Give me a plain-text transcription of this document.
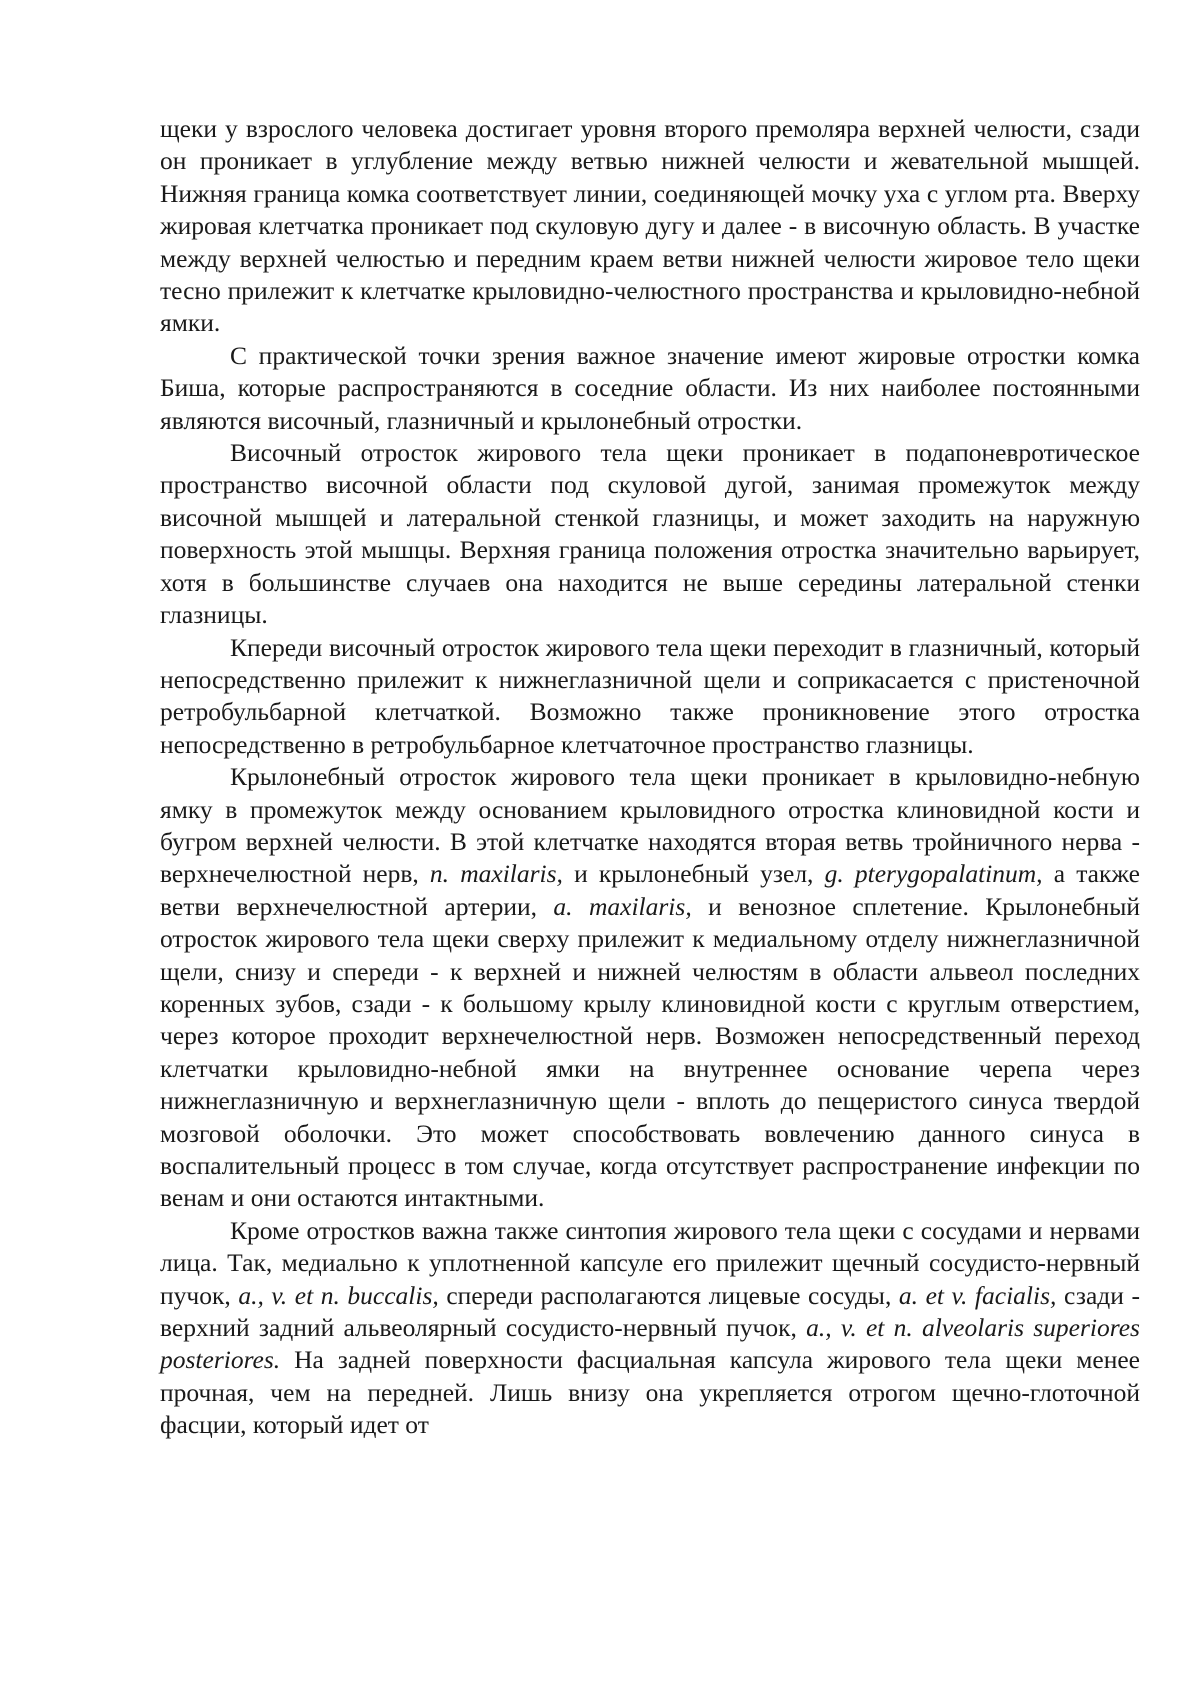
щеки у взрослого человека достигает уровня второго премоляра верхней челюсти, сзади он проникает в углубление между ветвью нижней челюсти и жевательной мышцей. Нижняя граница комка соответствует линии, соединяющей мочку уха с углом рта. Вверху жировая клетчатка проникает под скуловую дугу и далее - в височную область. В участке между верхней челюстью и передним краем ветви нижней челюсти жировое тело щеки тесно прилежит к клетчатке крыловидно-челюстного пространства и крыловидно-небной ямки.

С практической точки зрения важное значение имеют жировые отростки комка Биша, которые распространяются в соседние области. Из них наиболее постоянными являются височный, глазничный и крылонебный отростки.

Височный отросток жирового тела щеки проникает в подапоневротическое пространство височной области под скуловой дугой, занимая промежуток между височной мышцей и латеральной стенкой глазницы, и может заходить на наружную поверхность этой мышцы. Верхняя граница положения отростка значительно варьирует, хотя в большинстве случаев она находится не выше середины латеральной стенки глазницы.

Кпереди височный отросток жирового тела щеки переходит в глазничный, который непосредственно прилежит к нижнеглазничной щели и соприкасается с пристеночной ретробульбарной клетчаткой. Возможно также проникновение этого отростка непосредственно в ретробульбарное клетчаточное пространство глазницы.

Крылонебный отросток жирового тела щеки проникает в крыловидно-небную ямку в промежуток между основанием крыловидного отростка клиновидной кости и бугром верхней челюсти. В этой клетчатке находятся вторая ветвь тройничного нерва - верхнечелюстной нерв, n. maxilaris, и крылонебный узел, g. pterygopalatinum, а также ветви верхнечелюстной артерии, a. maxilaris, и венозное сплетение. Крылонебный отросток жирового тела щеки сверху прилежит к медиальному отделу нижнеглазничной щели, снизу и спереди - к верхней и нижней челюстям в области альвеол последних коренных зубов, сзади - к большому крылу клиновидной кости с круглым отверстием, через которое проходит верхнечелюстной нерв. Возможен непосредственный переход клетчатки крыловидно-небной ямки на внутреннее основание черепа через нижнеглазничную и верхнеглазничную щели - вплоть до пещеристого синуса твердой мозговой оболочки. Это может способствовать вовлечению данного синуса в воспалительный процесс в том случае, когда отсутствует распространение инфекции по венам и они остаются интактными.

Кроме отростков важна также синтопия жирового тела щеки с сосудами и нервами лица. Так, медиально к уплотненной капсуле его прилежит щечный сосудисто-нервный пучок, a., v. et n. buccalis, спереди располагаются лицевые сосуды, a. et v. facialis, сзади - верхний задний альвеолярный сосудисто-нервный пучок, a., v. et n. alveolaris superiores posteriores. На задней поверхности фасциальная капсула жирового тела щеки менее прочная, чем на передней. Лишь внизу она укрепляется отрогом щечно-глоточной фасции, который идет от
